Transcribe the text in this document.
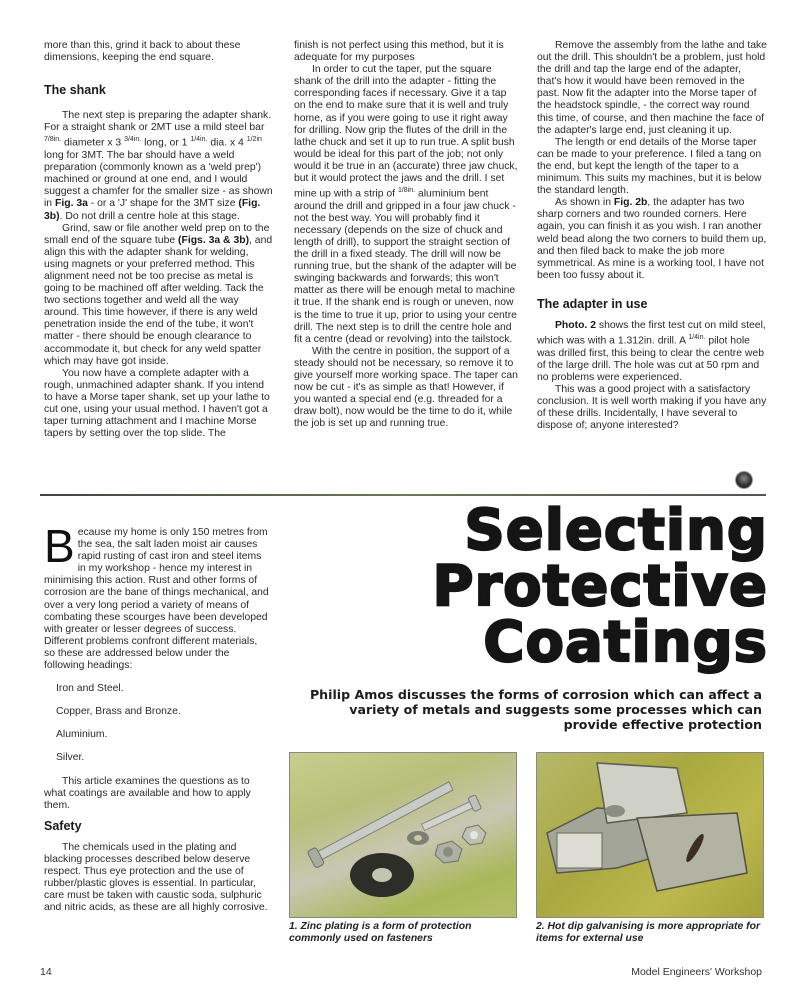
more than this, grind it back to about these dimensions, keeping the end square.

The shank

The next step is preparing the adapter shank. For a straight shank or 2MT use a mild steel bar $^{7/8in.}$ diameter x 3 $^{3/4in.}$ long, or 1 $^{1/4in.}$ dia. x 4 $^{1/2in}$ long for 3MT. The bar should have a weld preparation (commonly known as a 'weld prep') machined or ground at one end, and I would suggest a chamfer for the smaller size - as shown in Fig. 3a - or a 'J' shape for the 3MT size (Fig. 3b). Do not drill a centre hole at this stage.

Grind, saw or file another weld prep on to the small end of the square tube (Figs. 3a & 3b), and align this with the adapter shank for welding, using magnets or your preferred method. This alignment need not be too precise as metal is going to be machined off after welding. Tack the two sections together and weld all the way around. This time however, if there is any weld penetration inside the end of the tube, it won't matter - there should be enough clearance to accommodate it, but check for any weld spatter which may have got inside.

You now have a complete adapter with a rough, unmachined adapter shank. If you intend to have a Morse taper shank, set up your lathe to cut one, using your usual method. I haven't got a taper turning attachment and I machine Morse tapers by setting over the top slide. The

finish is not perfect using this method, but it is adequate for my purposes

In order to cut the taper, put the square shank of the drill into the adapter - fitting the corresponding faces if necessary. Give it a tap on the end to make sure that it is well and truly home, as if you were going to use it right away for drilling. Now grip the flutes of the drill in the lathe chuck and set it up to run true. A split bush would be ideal for this part of the job; not only would it be true in an (accurate) three jaw chuck, but it would protect the jaws and the drill. I set mine up with a strip of $^{1/8in.}$ aluminium bent around the drill and gripped in a four jaw chuck - not the best way. You will probably find it necessary (depends on the size of chuck and length of drill), to support the straight section of the drill in a fixed steady. The drill will now be running true, but the shank of the adapter will be swinging backwards and forwards; this won't matter as there will be enough metal to machine it true. If the shank end is rough or uneven, now is the time to true it up, prior to using your centre drill. The next step is to drill the centre hole and fit a centre (dead or revolving) into the tailstock.

With the centre in position, the support of a steady should not be necessary, so remove it to give yourself more working space. The taper can now be cut - it's as simple as that! However, if you wanted a special end (e.g. threaded for a draw bolt), now would be the time to do it, while the job is set up and running true.

Remove the assembly from the lathe and take out the drill. This shouldn't be a problem, just hold the drill and tap the large end of the adapter, that's how it would have been removed in the past. Now fit the adapter into the Morse taper of the headstock spindle, - the correct way round this time, of course, and then machine the face of the adapter's large end, just cleaning it up.

The length or end details of the Morse taper can be made to your preference. I filed a tang on the end, but kept the length of the taper to a minimum. This suits my machines, but it is below the standard length.

As shown in Fig. 2b, the adapter has two sharp corners and two rounded corners. Here again, you can finish it as you wish. I ran another weld bead along the two corners to build them up, and then filed back to make the job more symmetrical. As mine is a working tool, I have not been too fussy about it.

The adapter in use

Photo. 2 shows the first test cut on mild steel, which was with a 1.312in. drill. A $^{1/4in.}$ pilot hole was drilled first, this being to clear the centre web of the large drill. The hole was cut at 50 rpm and no problems were experienced.

This was a good project with a satisfactory conclusion. It is well worth making if you have any of these drills. Incidentally, I have several to dispose of; anyone interested?

Because my home is only 150 metres from the sea, the salt laden moist air causes rapid rusting of cast iron and steel items in my workshop - hence my interest in minimising this action. Rust and other forms of corrosion are the bane of things mechanical, and over a very long period a variety of means of combating these scourges have been developed with greater or lesser degrees of success. Different problems confront different materials, so these are addressed below under the following headings:

Iron and Steel.

Copper, Brass and Bronze.

Aluminium.

Silver.

This article examines the questions as to what coatings are available and how to apply them.

Safety

The chemicals used in the plating and blacking processes described below deserve respect. Thus eye protection and the use of rubber/plastic gloves is essential. In particular, care must be taken with caustic soda, sulphuric and nitric acids, as these are all highly corrosive.

Selecting
Protective
Coatings
Philip Amos discusses the forms of corrosion which can affect a variety of metals and suggests some processes which can provide effective protection
1. Zinc plating is a form of protection commonly used on fasteners
2. Hot dip galvanising is more appropriate for items for external use
14	Model Engineers' Workshop
